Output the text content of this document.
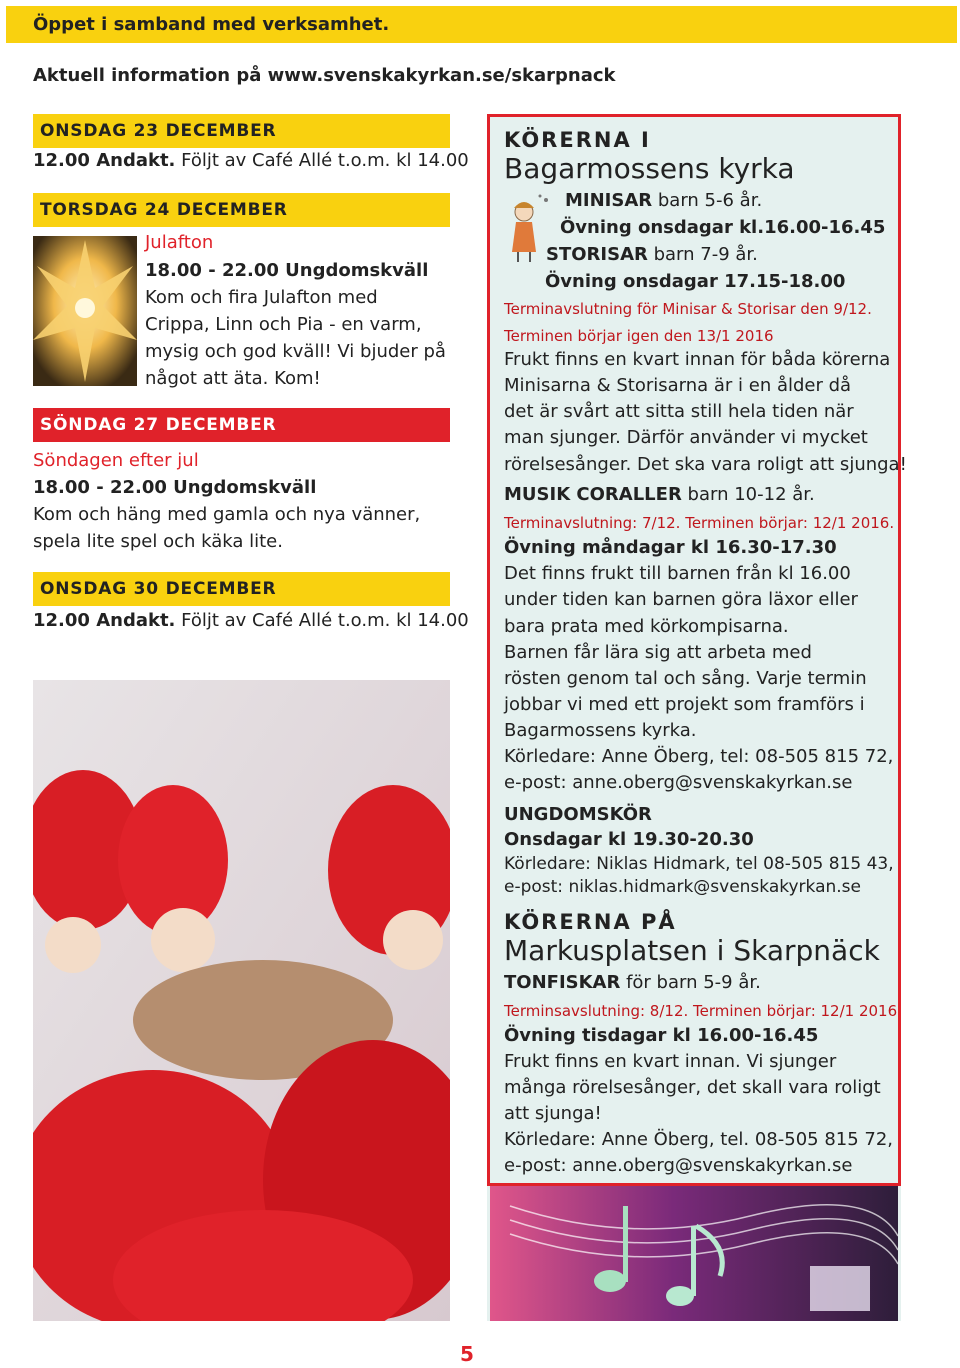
Öppet i samband med verksamhet.
Aktuell information på www.svenskakyrkan.se/skarpnack
ONSDAG 23 DECEMBER
12.00 Andakt. Följt av Café Allé t.o.m. kl 14.00
TORSDAG 24 DECEMBER
Julafton
18.00 - 22.00 Ungdomskväll
Kom och fira Julafton med
Crippa, Linn och Pia - en varm,
mysig och god kväll! Vi bjuder på
något att äta. Kom!
SÖNDAG 27 DECEMBER
Söndagen efter jul
18.00 - 22.00 Ungdomskväll
Kom och häng med gamla och nya vänner,
spela lite spel och käka lite.
ONSDAG 30 DECEMBER
12.00 Andakt. Följt av Café Allé t.o.m. kl 14.00
KÖRERNA I
Bagarmossens kyrka
MINISAR barn 5-6 år.
Övning onsdagar kl.16.00-16.45
STORISAR barn 7-9 år.
Övning onsdagar 17.15-18.00
Terminavslutning för Minisar & Storisar den 9/12.
Terminen börjar igen den 13/1 2016
Frukt finns en kvart innan för båda körerna
Minisarna & Storisarna är i en ålder då
det är svårt att sitta still hela tiden när
man sjunger. Därför använder vi mycket
rörelsesånger. Det ska vara roligt att sjunga!
MUSIK CORALLER barn 10-12 år.
Terminavslutning: 7/12. Terminen börjar: 12/1 2016.
Övning måndagar kl 16.30-17.30
Det finns frukt till barnen från kl 16.00
under tiden kan barnen göra läxor eller
bara prata med körkompisarna.
Barnen får lära sig att arbeta med
rösten genom tal och sång. Varje termin
jobbar vi med ett projekt som framförs i
Bagarmossens kyrka.
Körledare: Anne Öberg, tel: 08-505 815 72,
e-post: anne.oberg@svenskakyrkan.se
UNGDOMSKÖR
Onsdagar kl 19.30-20.30
Körledare: Niklas Hidmark, tel 08-505 815 43,
e-post: niklas.hidmark@svenskakyrkan.se
KÖRERNA PÅ
Markusplatsen i Skarpnäck
TONFISKAR för barn 5-9 år.
Terminsavslutning: 8/12. Terminen börjar: 12/1 2016
Övning tisdagar kl 16.00-16.45
Frukt finns en kvart innan. Vi sjunger
många rörelsesånger, det skall vara roligt
att sjunga!
Körledare: Anne Öberg, tel. 08-505 815 72,
e-post: anne.oberg@svenskakyrkan.se
5
